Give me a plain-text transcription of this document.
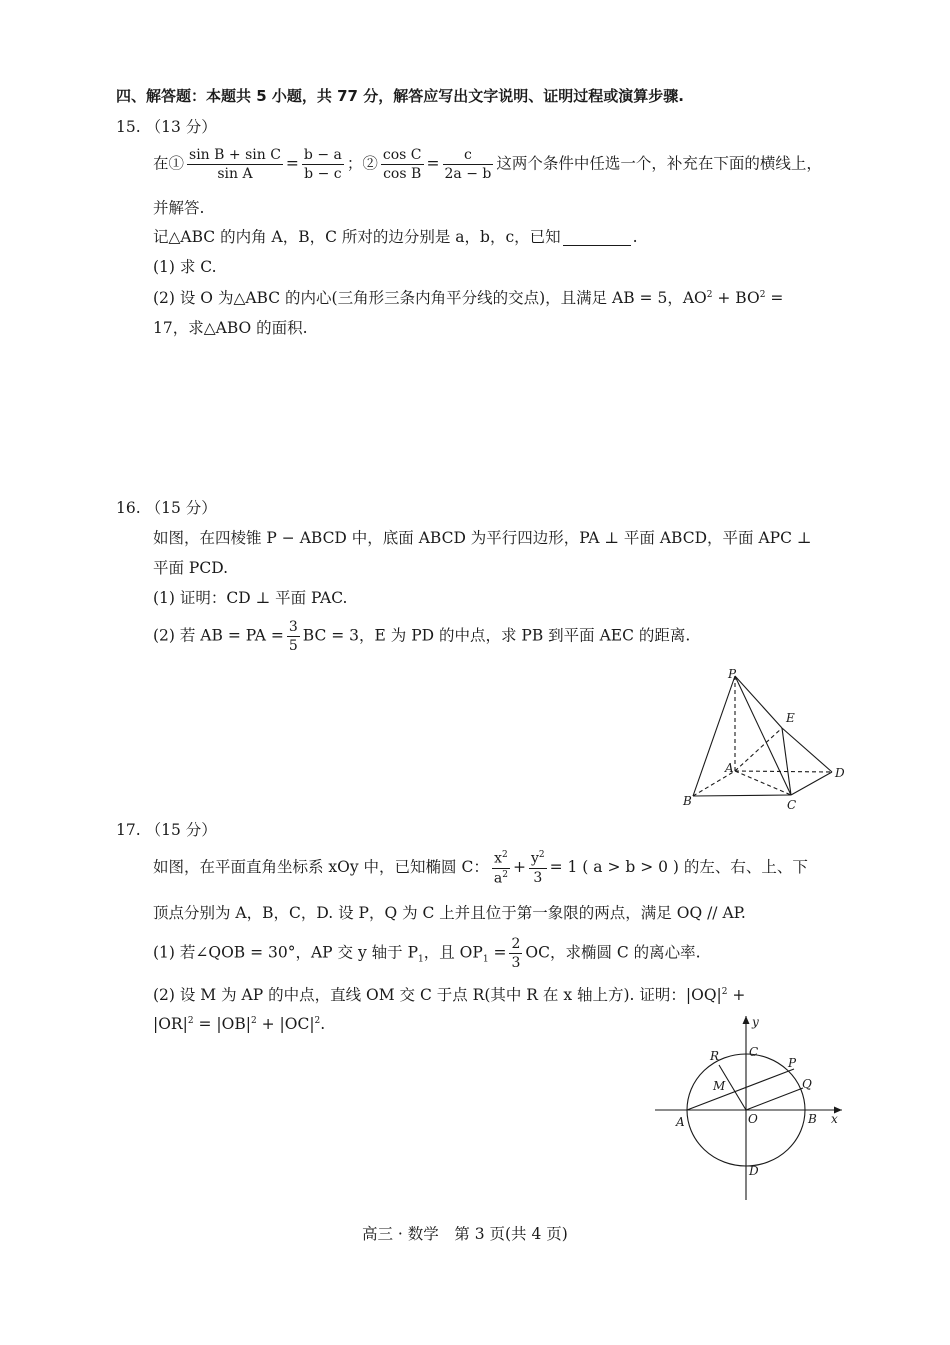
四、解答题：本题共 5 小题，共 77 分，解答应写出文字说明、证明过程或演算步骤.
15. （13 分）
在① $\frac{\text{sin B + sin C}}{\text{sin A}} = \frac{b - a}{b - c}$ ；② $\frac{\text{cos C}}{\text{cos B}} = \frac{c}{2a - b}$ 这两个条件中任选一个，补充在下面的横线上，
并解答.
记△ABC 的内角 A，B，C 所对的边分别是 a，b，c，已知	.
(1) 求 C.
(2) 设 O 为△ABC 的内心(三角形三条内角平分线的交点)，且满足 AB = 5，$AO^2 + BO^2$ =
17，求△ABO 的面积.
16. （15 分）
如图，在四棱锥 P − ABCD 中，底面 ABCD 为平行四边形，PA ⊥ 平面 ABCD，平面 APC ⊥
平面 PCD.
(1) 证明：CD ⊥ 平面 PAC.
(2) 若 AB = PA = $\frac{3}{5}$ BC = 3，E 为 PD 的中点，求 PB 到平面 AEC 的距离.
P
E
A	D
B	C
17. （15 分）
如图，在平面直角坐标系 xOy 中，已知椭圆 C： $\frac{x^2}{a^2} + \frac{y^2}{3} = 1$ ( a > b > 0 ) 的左、右、上、下
顶点分别为 A，B，C，D. 设 P，Q 为 C 上并且位于第一象限的两点，满足 OQ // AP.
(1) 若∠QOB = 30°，AP 交 y 轴于 $P_1$，且 $OP_1 = \frac{2}{3}$ OC，求椭圆 C 的离心率.
(2) 设 M 为 AP 的中点，直线 OM 交 C 于点 R(其中 R 在 x 轴上方). 证明：$|OQ|^2$ +
$|OR|^2 = |OB|^2 + |OC|^2$.	y
R C
P
M	Q
A	O	B x
D
高三 · 数学　第 3 页(共 4 页)
